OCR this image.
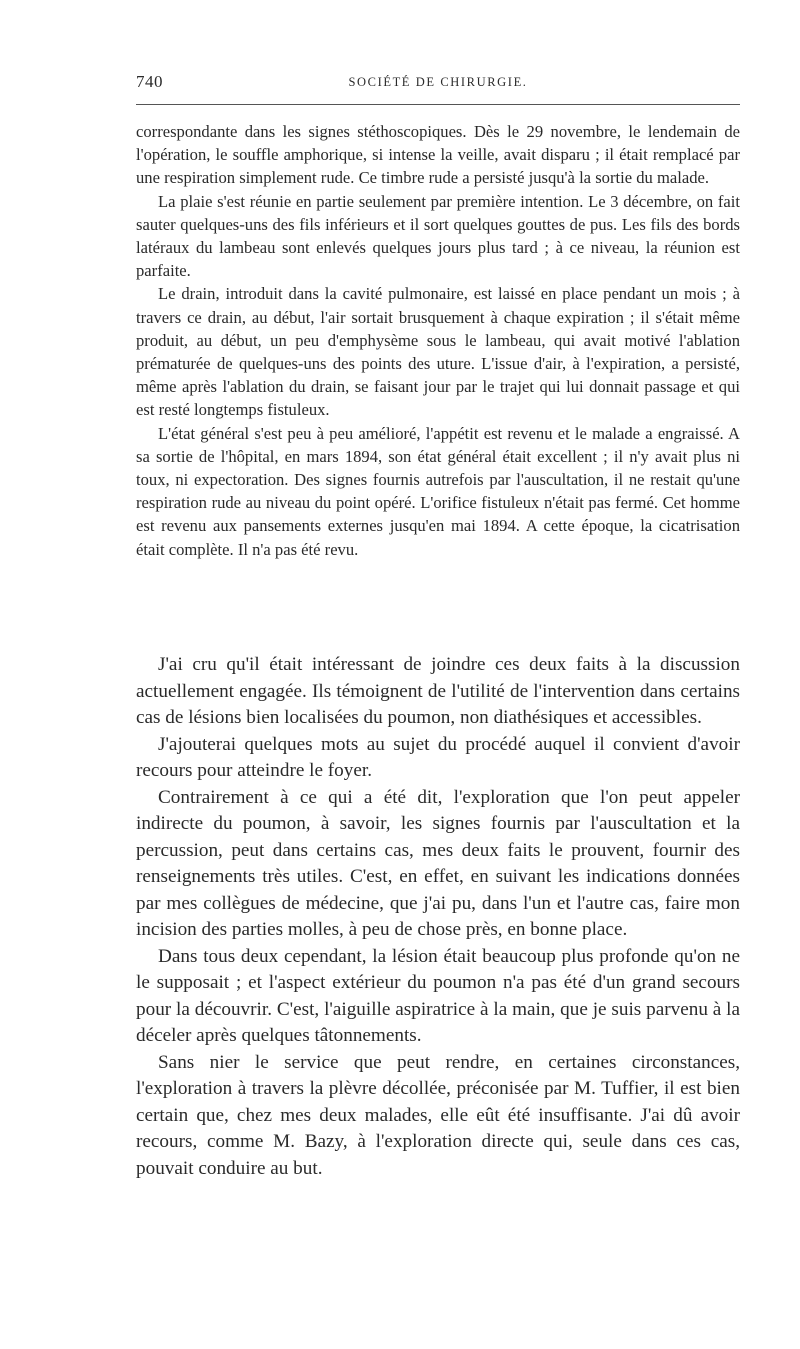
740	SOCIÉTÉ DE CHIRURGIE.

correspondante dans les signes stéthoscopiques. Dès le 29 novembre, le lendemain de l'opération, le souffle amphorique, si intense la veille, avait disparu ; il était remplacé par une respiration simplement rude. Ce timbre rude a persisté jusqu'à la sortie du malade.

La plaie s'est réunie en partie seulement par première intention. Le 3 décembre, on fait sauter quelques-uns des fils inférieurs et il sort quelques gouttes de pus. Les fils des bords latéraux du lambeau sont enlevés quelques jours plus tard ; à ce niveau, la réunion est parfaite.

Le drain, introduit dans la cavité pulmonaire, est laissé en place pendant un mois ; à travers ce drain, au début, l'air sortait brusquement à chaque expiration ; il s'était même produit, au début, un peu d'emphysème sous le lambeau, qui avait motivé l'ablation prématurée de quelques-uns des points des uture. L'issue d'air, à l'expiration, a persisté, même après l'ablation du drain, se faisant jour par le trajet qui lui donnait passage et qui est resté longtemps fistuleux.

L'état général s'est peu à peu amélioré, l'appétit est revenu et le malade a engraissé. A sa sortie de l'hôpital, en mars 1894, son état général était excellent ; il n'y avait plus ni toux, ni expectoration. Des signes fournis autrefois par l'auscultation, il ne restait qu'une respiration rude au niveau du point opéré. L'orifice fistuleux n'était pas fermé. Cet homme est revenu aux pansements externes jusqu'en mai 1894. A cette époque, la cicatrisation était complète. Il n'a pas été revu.

J'ai cru qu'il était intéressant de joindre ces deux faits à la discussion actuellement engagée. Ils témoignent de l'utilité de l'intervention dans certains cas de lésions bien localisées du poumon, non diathésiques et accessibles.

J'ajouterai quelques mots au sujet du procédé auquel il convient d'avoir recours pour atteindre le foyer.

Contrairement à ce qui a été dit, l'exploration que l'on peut appeler indirecte du poumon, à savoir, les signes fournis par l'auscultation et la percussion, peut dans certains cas, mes deux faits le prouvent, fournir des renseignements très utiles. C'est, en effet, en suivant les indications données par mes collègues de médecine, que j'ai pu, dans l'un et l'autre cas, faire mon incision des parties molles, à peu de chose près, en bonne place.

Dans tous deux cependant, la lésion était beaucoup plus profonde qu'on ne le supposait ; et l'aspect extérieur du poumon n'a pas été d'un grand secours pour la découvrir. C'est, l'aiguille aspiratrice à la main, que je suis parvenu à la déceler après quelques tâtonnements.

Sans nier le service que peut rendre, en certaines circonstances, l'exploration à travers la plèvre décollée, préconisée par M. Tuffier, il est bien certain que, chez mes deux malades, elle eût été insuffisante. J'ai dû avoir recours, comme M. Bazy, à l'exploration directe qui, seule dans ces cas, pouvait conduire au but.
